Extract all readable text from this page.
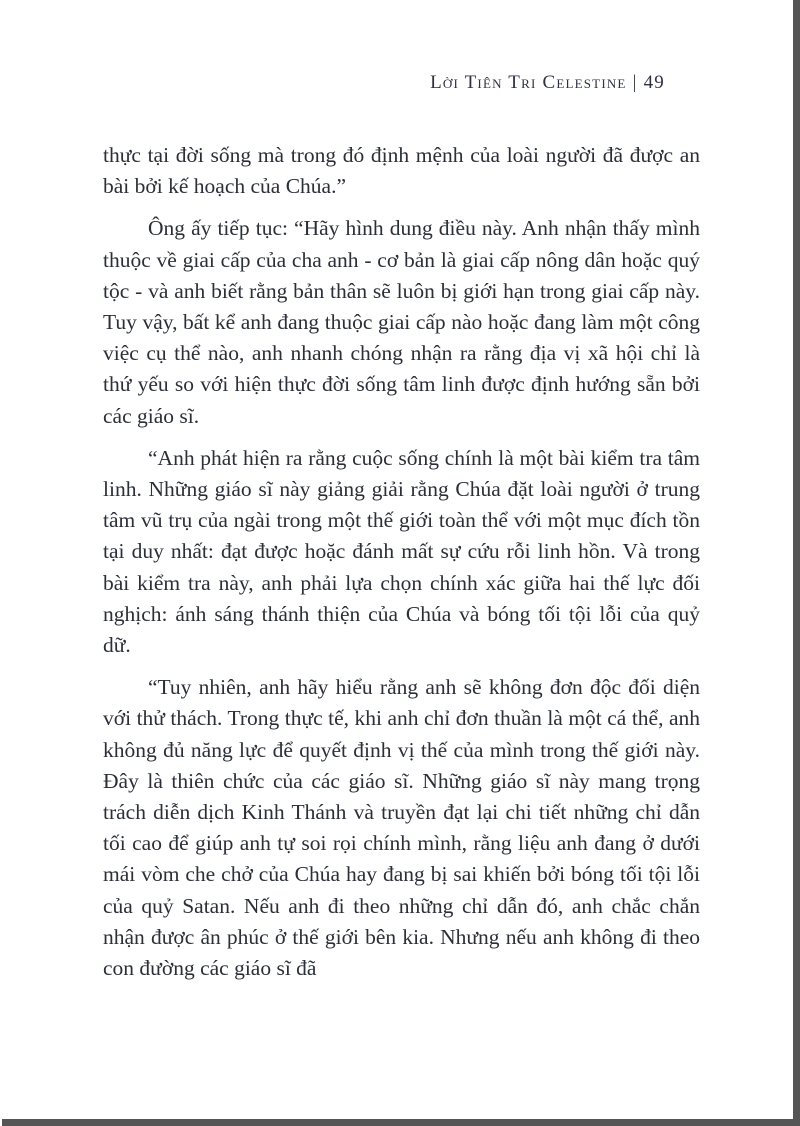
Lời Tiên Tri Celestine | 49

thực tại đời sống mà trong đó định mệnh của loài người đã được an bài bởi kế hoạch của Chúa.”

Ông ấy tiếp tục: “Hãy hình dung điều này. Anh nhận thấy mình thuộc về giai cấp của cha anh - cơ bản là giai cấp nông dân hoặc quý tộc - và anh biết rằng bản thân sẽ luôn bị giới hạn trong giai cấp này. Tuy vậy, bất kể anh đang thuộc giai cấp nào hoặc đang làm một công việc cụ thể nào, anh nhanh chóng nhận ra rằng địa vị xã hội chỉ là thứ yếu so với hiện thực đời sống tâm linh được định hướng sẵn bởi các giáo sĩ.

“Anh phát hiện ra rằng cuộc sống chính là một bài kiểm tra tâm linh. Những giáo sĩ này giảng giải rằng Chúa đặt loài người ở trung tâm vũ trụ của ngài trong một thế giới toàn thể với một mục đích tồn tại duy nhất: đạt được hoặc đánh mất sự cứu rỗi linh hồn. Và trong bài kiểm tra này, anh phải lựa chọn chính xác giữa hai thế lực đối nghịch: ánh sáng thánh thiện của Chúa và bóng tối tội lỗi của quỷ dữ.

“Tuy nhiên, anh hãy hiểu rằng anh sẽ không đơn độc đối diện với thử thách. Trong thực tế, khi anh chỉ đơn thuần là một cá thể, anh không đủ năng lực để quyết định vị thế của mình trong thế giới này. Đây là thiên chức của các giáo sĩ. Những giáo sĩ này mang trọng trách diễn dịch Kinh Thánh và truyền đạt lại chi tiết những chỉ dẫn tối cao để giúp anh tự soi rọi chính mình, rằng liệu anh đang ở dưới mái vòm che chở của Chúa hay đang bị sai khiến bởi bóng tối tội lỗi của quỷ Satan. Nếu anh đi theo những chỉ dẫn đó, anh chắc chắn nhận được ân phúc ở thế giới bên kia. Nhưng nếu anh không đi theo con đường các giáo sĩ đã
